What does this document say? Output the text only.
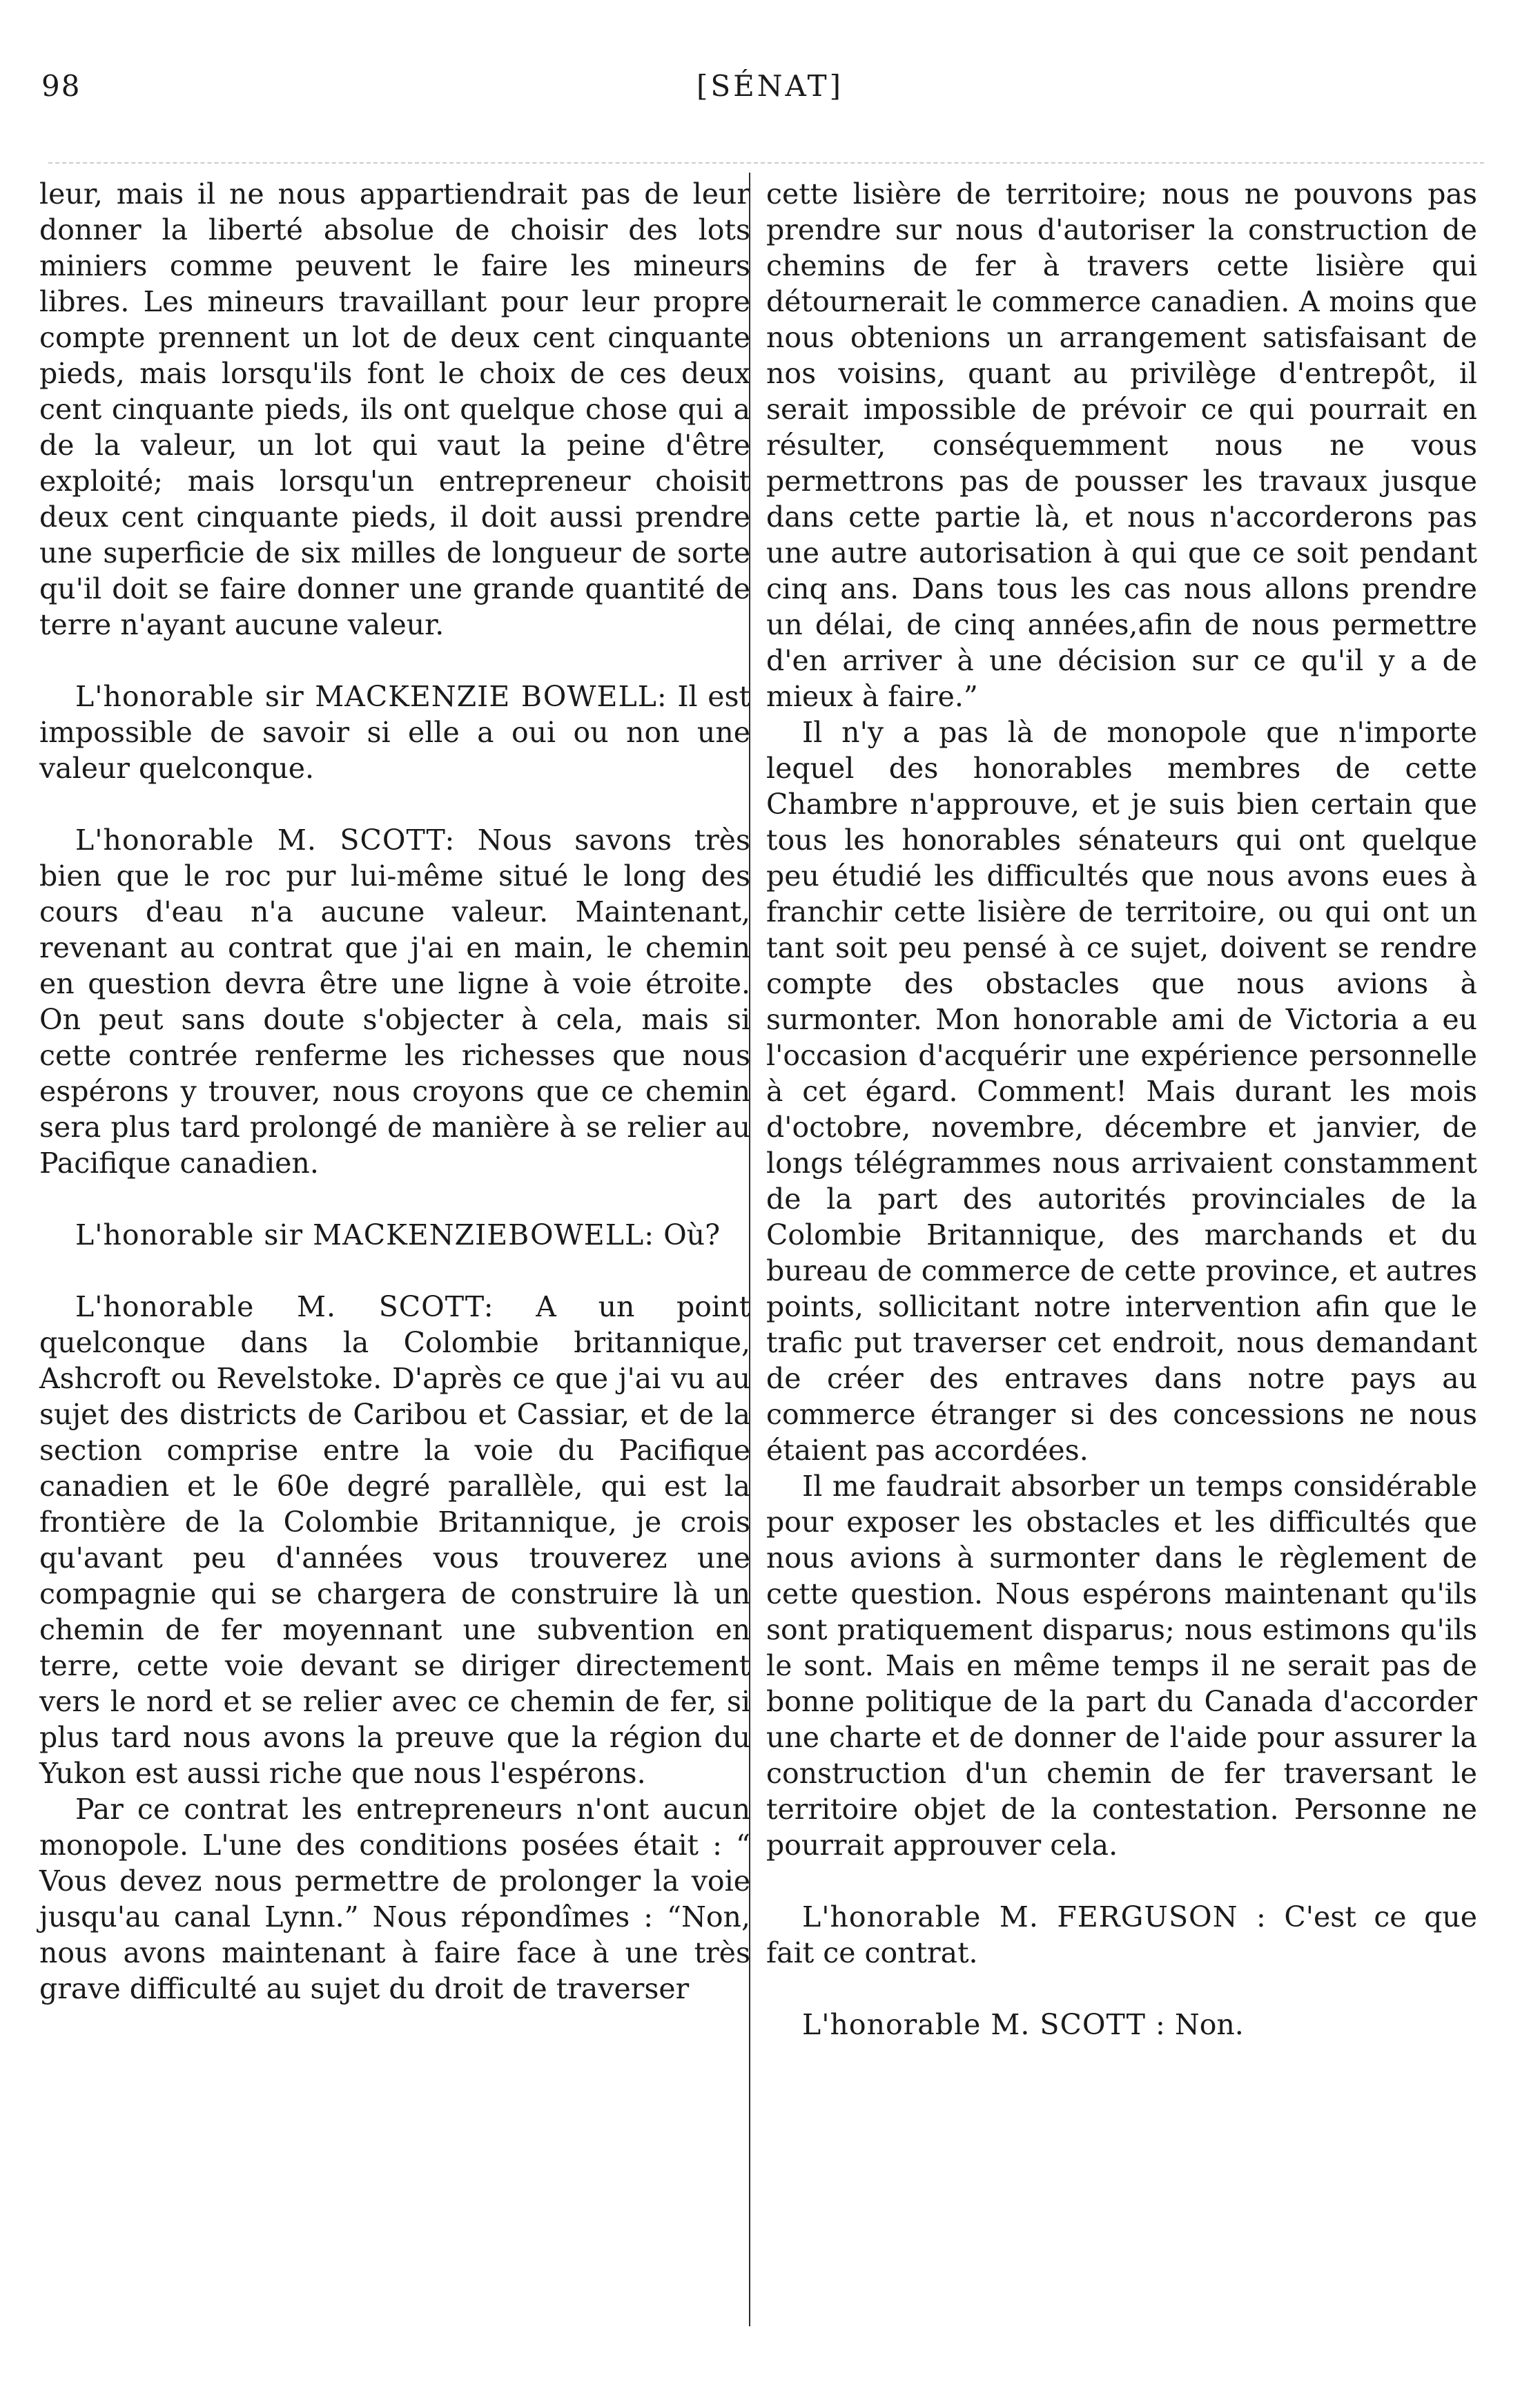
98	[SÉNAT]

leur, mais il ne nous appartiendrait pas de leur donner la liberté absolue de choisir des lots miniers comme peuvent le faire les mineurs libres. Les mineurs travaillant pour leur propre compte prennent un lot de deux cent cinquante pieds, mais lorsqu'ils font le choix de ces deux cent cinquante pieds, ils ont quelque chose qui a de la valeur, un lot qui vaut la peine d'être exploité; mais lorsqu'un entrepreneur choisit deux cent cinquante pieds, il doit aussi prendre une superficie de six milles de longueur de sorte qu'il doit se faire donner une grande quantité de terre n'ayant aucune valeur.

L'honorable sir MACKENZIE BOWELL: Il est impossible de savoir si elle a oui ou non une valeur quelconque.

L'honorable M. SCOTT: Nous savons très bien que le roc pur lui-même situé le long des cours d'eau n'a aucune valeur. Maintenant, revenant au contrat que j'ai en main, le chemin en question devra être une ligne à voie étroite. On peut sans doute s'objecter à cela, mais si cette contrée renferme les richesses que nous espérons y trouver, nous croyons que ce chemin sera plus tard prolongé de manière à se relier au Pacifique canadien.

L'honorable sir MACKENZIEBOWELL: Où?

L'honorable M. SCOTT: A un point quelconque dans la Colombie britannique, Ashcroft ou Revelstoke. D'après ce que j'ai vu au sujet des districts de Caribou et Cassiar, et de la section comprise entre la voie du Pacifique canadien et le 60e degré parallèle, qui est la frontière de la Colombie Britannique, je crois qu'avant peu d'années vous trouverez une compagnie qui se chargera de construire là un chemin de fer moyennant une subvention en terre, cette voie devant se diriger directement vers le nord et se relier avec ce chemin de fer, si plus tard nous avons la preuve que la région du Yukon est aussi riche que nous l'espérons.

Par ce contrat les entrepreneurs n'ont aucun monopole. L'une des conditions posées était : “ Vous devez nous permettre de prolonger la voie jusqu'au canal Lynn.” Nous répondîmes : “Non, nous avons maintenant à faire face à une très grave difficulté au sujet du droit de traverser

cette lisière de territoire; nous ne pouvons pas prendre sur nous d'autoriser la construction de chemins de fer à travers cette lisière qui détournerait le commerce canadien. A moins que nous obtenions un arrangement satisfaisant de nos voisins, quant au privilège d'entrepôt, il serait impossible de prévoir ce qui pourrait en résulter, conséquemment nous ne vous permettrons pas de pousser les travaux jusque dans cette partie là, et nous n'accorderons pas une autre autorisation à qui que ce soit pendant cinq ans. Dans tous les cas nous allons prendre un délai, de cinq années,afin de nous permettre d'en arriver à une décision sur ce qu'il y a de mieux à faire.”

Il n'y a pas là de monopole que n'importe lequel des honorables membres de cette Chambre n'approuve, et je suis bien certain que tous les honorables sénateurs qui ont quelque peu étudié les difficultés que nous avons eues à franchir cette lisière de territoire, ou qui ont un tant soit peu pensé à ce sujet, doivent se rendre compte des obstacles que nous avions à surmonter. Mon honorable ami de Victoria a eu l'occasion d'acquérir une expérience personnelle à cet égard. Comment! Mais durant les mois d'octobre, novembre, décembre et janvier, de longs télégrammes nous arrivaient constamment de la part des autorités provinciales de la Colombie Britannique, des marchands et du bureau de commerce de cette province, et autres points, sollicitant notre intervention afin que le trafic put traverser cet endroit, nous demandant de créer des entraves dans notre pays au commerce étranger si des concessions ne nous étaient pas accordées.

Il me faudrait absorber un temps considérable pour exposer les obstacles et les difficultés que nous avions à surmonter dans le règlement de cette question. Nous espérons maintenant qu'ils sont pratiquement disparus; nous estimons qu'ils le sont. Mais en même temps il ne serait pas de bonne politique de la part du Canada d'accorder une charte et de donner de l'aide pour assurer la construction d'un chemin de fer traversant le territoire objet de la contestation. Personne ne pourrait approuver cela.

L'honorable M. FERGUSON : C'est ce que fait ce contrat.

L'honorable M. SCOTT : Non.
